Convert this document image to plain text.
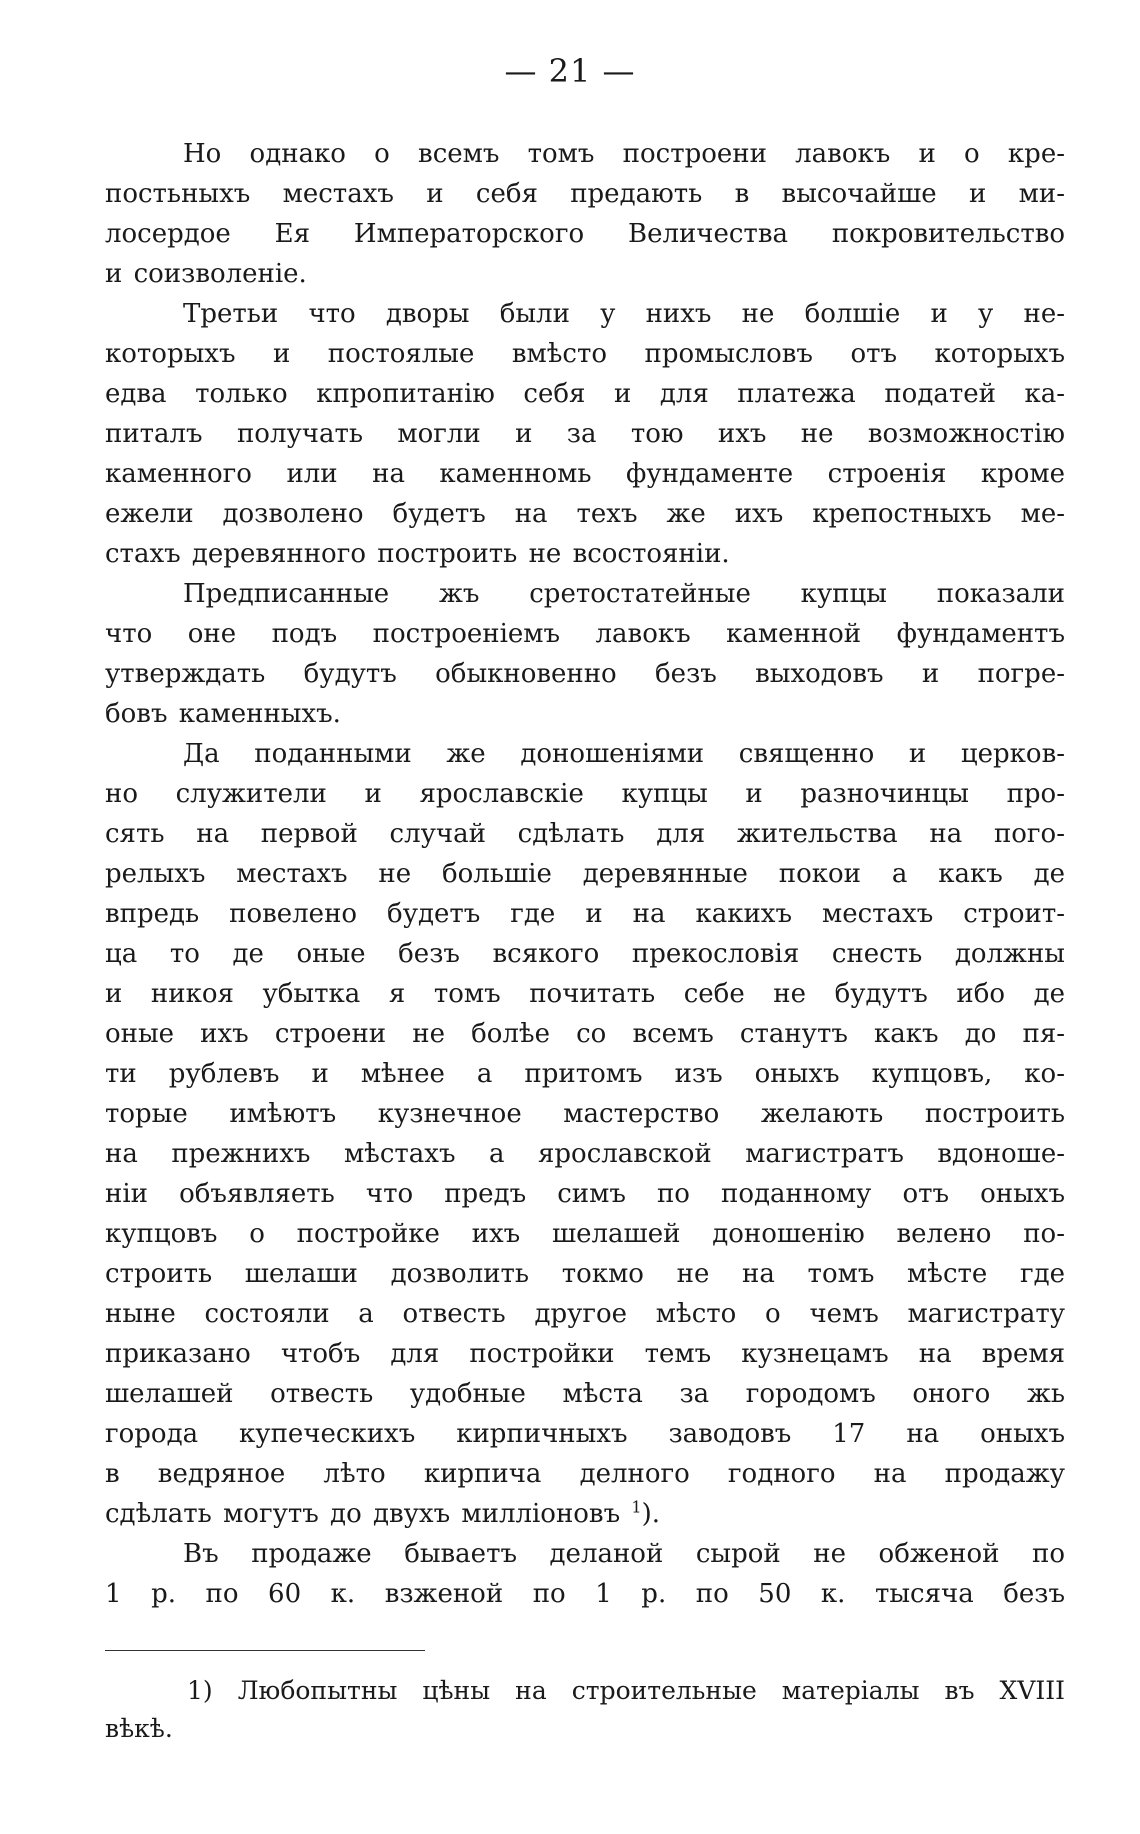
— 21 —

Но однако о всемъ томъ построени лавокъ и о кре-
постьныхъ местахъ и себя предають в высочайше и ми-
лосердое Ея Императорского Величества покровительство
и соизволенiе.

Третьи что дворы были у нихъ не болшiе и у не-
которыхъ и постоялые вмѣсто промысловъ отъ которыхъ
едва только кпропитанiю себя и для платежа податей ка-
питалъ получать могли и за тою ихъ не возможностiю
каменного или на каменномь фундаменте строенiя кроме
ежели дозволено будетъ на техъ же ихъ крепостныхъ ме-
стахъ деревянного построить не всостоянiи.

Предписанные жъ сретостатейные купцы показали
что оне подъ построенiемъ лавокъ каменной фундаментъ
утверждать будутъ обыкновенно безъ выходовъ и погре-
бовъ каменныхъ.

Да поданными же доношенiями священно и церков-
но служители и ярославскiе купцы и разночинцы про-
сять на первой случай сдѣлать для жительства на пого-
релыхъ местахъ не большiе деревянные покои а какъ де
впредь повелено будетъ где и на какихъ местахъ строит-
ца то де оные безъ всякого прекословiя снесть должны
и никоя убытка я томъ почитать себе не будутъ ибо де
оные ихъ строени не болѣе со всемъ станутъ какъ до пя-
ти рублевъ и мѣнее а притомъ изъ оныхъ купцовъ, ко-
торые имѣютъ кузнечное мастерство желають построить
на прежнихъ мѣстахъ а ярославской магистратъ вдоноше-
нiи объявляеть что предъ симъ по поданному отъ оныхъ
купцовъ о постройке ихъ шелашей доношенiю велено по-
строить шелаши дозволить токмо не на томъ мѣсте где
ныне состояли а отвесть другое мѣсто о чемъ магистрату
приказано чтобъ для постройки темъ кузнецамъ на время
шелашей отвесть удобные мѣста за городомъ оного жь
города купеческихъ кирпичныхъ заводовъ 17 на оныхъ
в ведряное лѣто кирпича делного годного на продажу
сдѣлать могутъ до двухъ миллiоновъ $^1$).

Въ продаже бываетъ деланой сырой не обженой по
1 р. по 60 к. взженой по 1 р. по 50 к. тысяча безъ

1) Любопытны цѣны на строительные матерiалы въ XVIII
вѣкѣ.
